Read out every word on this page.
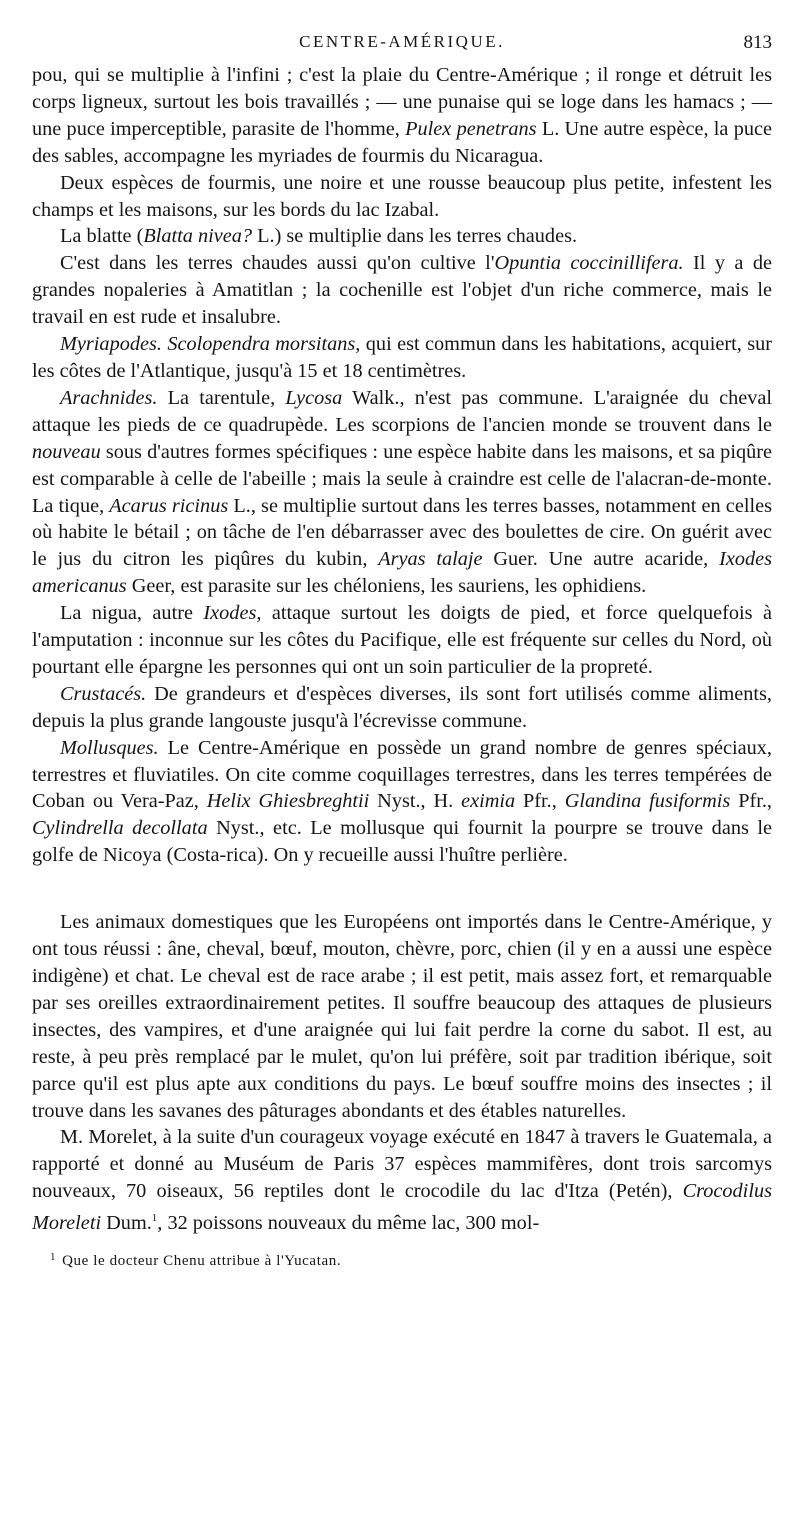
CENTRE-AMÉRIQUE.	813

pou, qui se multiplie à l'infini ; c'est la plaie du Centre-Amérique ; il ronge et détruit les corps ligneux, surtout les bois travaillés ; — une punaise qui se loge dans les hamacs ; — une puce imperceptible, parasite de l'homme, Pulex penetrans L. Une autre espèce, la puce des sables, accompagne les myriades de fourmis du Nicaragua.

Deux espèces de fourmis, une noire et une rousse beaucoup plus petite, infestent les champs et les maisons, sur les bords du lac Izabal.

La blatte (Blatta nivea? L.) se multiplie dans les terres chaudes.

C'est dans les terres chaudes aussi qu'on cultive l'Opuntia coccinillifera. Il y a de grandes nopaleries à Amatitlan ; la cochenille est l'objet d'un riche commerce, mais le travail en est rude et insalubre.

Myriapodes. Scolopendra morsitans, qui est commun dans les habitations, acquiert, sur les côtes de l'Atlantique, jusqu'à 15 et 18 centimètres.

Arachnides. La tarentule, Lycosa Walk., n'est pas commune. L'araignée du cheval attaque les pieds de ce quadrupède. Les scorpions de l'ancien monde se trouvent dans le nouveau sous d'autres formes spécifiques : une espèce habite dans les maisons, et sa piqûre est comparable à celle de l'abeille ; mais la seule à craindre est celle de l'alacran-de-monte. La tique, Acarus ricinus L., se multiplie surtout dans les terres basses, notamment en celles où habite le bétail ; on tâche de l'en débarrasser avec des boulettes de cire. On guérit avec le jus du citron les piqûres du kubin, Aryas talaje Guer. Une autre acaride, Ixodes americanus Geer, est parasite sur les chéloniens, les sauriens, les ophidiens.

La nigua, autre Ixodes, attaque surtout les doigts de pied, et force quelquefois à l'amputation : inconnue sur les côtes du Pacifique, elle est fréquente sur celles du Nord, où pourtant elle épargne les personnes qui ont un soin particulier de la propreté.

Crustacés. De grandeurs et d'espèces diverses, ils sont fort utilisés comme aliments, depuis la plus grande langouste jusqu'à l'écrevisse commune.

Mollusques. Le Centre-Amérique en possède un grand nombre de genres spéciaux, terrestres et fluviatiles. On cite comme coquillages terrestres, dans les terres tempérées de Coban ou Vera-Paz, Helix Ghiesbreghtii Nyst., H. eximia Pfr., Glandina fusiformis Pfr., Cylindrella decollata Nyst., etc. Le mollusque qui fournit la pourpre se trouve dans le golfe de Nicoya (Costa-rica). On y recueille aussi l'huître perlière.

Les animaux domestiques que les Européens ont importés dans le Centre-Amérique, y ont tous réussi : âne, cheval, bœuf, mouton, chèvre, porc, chien (il y en a aussi une espèce indigène) et chat. Le cheval est de race arabe ; il est petit, mais assez fort, et remarquable par ses oreilles extraordinairement petites. Il souffre beaucoup des attaques de plusieurs insectes, des vampires, et d'une araignée qui lui fait perdre la corne du sabot. Il est, au reste, à peu près remplacé par le mulet, qu'on lui préfère, soit par tradition ibérique, soit parce qu'il est plus apte aux conditions du pays. Le bœuf souffre moins des insectes ; il trouve dans les savanes des pâturages abondants et des étables naturelles.

M. Morelet, à la suite d'un courageux voyage exécuté en 1847 à travers le Guatemala, a rapporté et donné au Muséum de Paris 37 espèces mammifères, dont trois sarcomys nouveaux, 70 oiseaux, 56 reptiles dont le crocodile du lac d'Itza (Petén), Crocodilus Moreleti Dum.$^1$, 32 poissons nouveaux du même lac, 300 mol-

$^1$ Que le docteur Chenu attribue à l'Yucatan.
